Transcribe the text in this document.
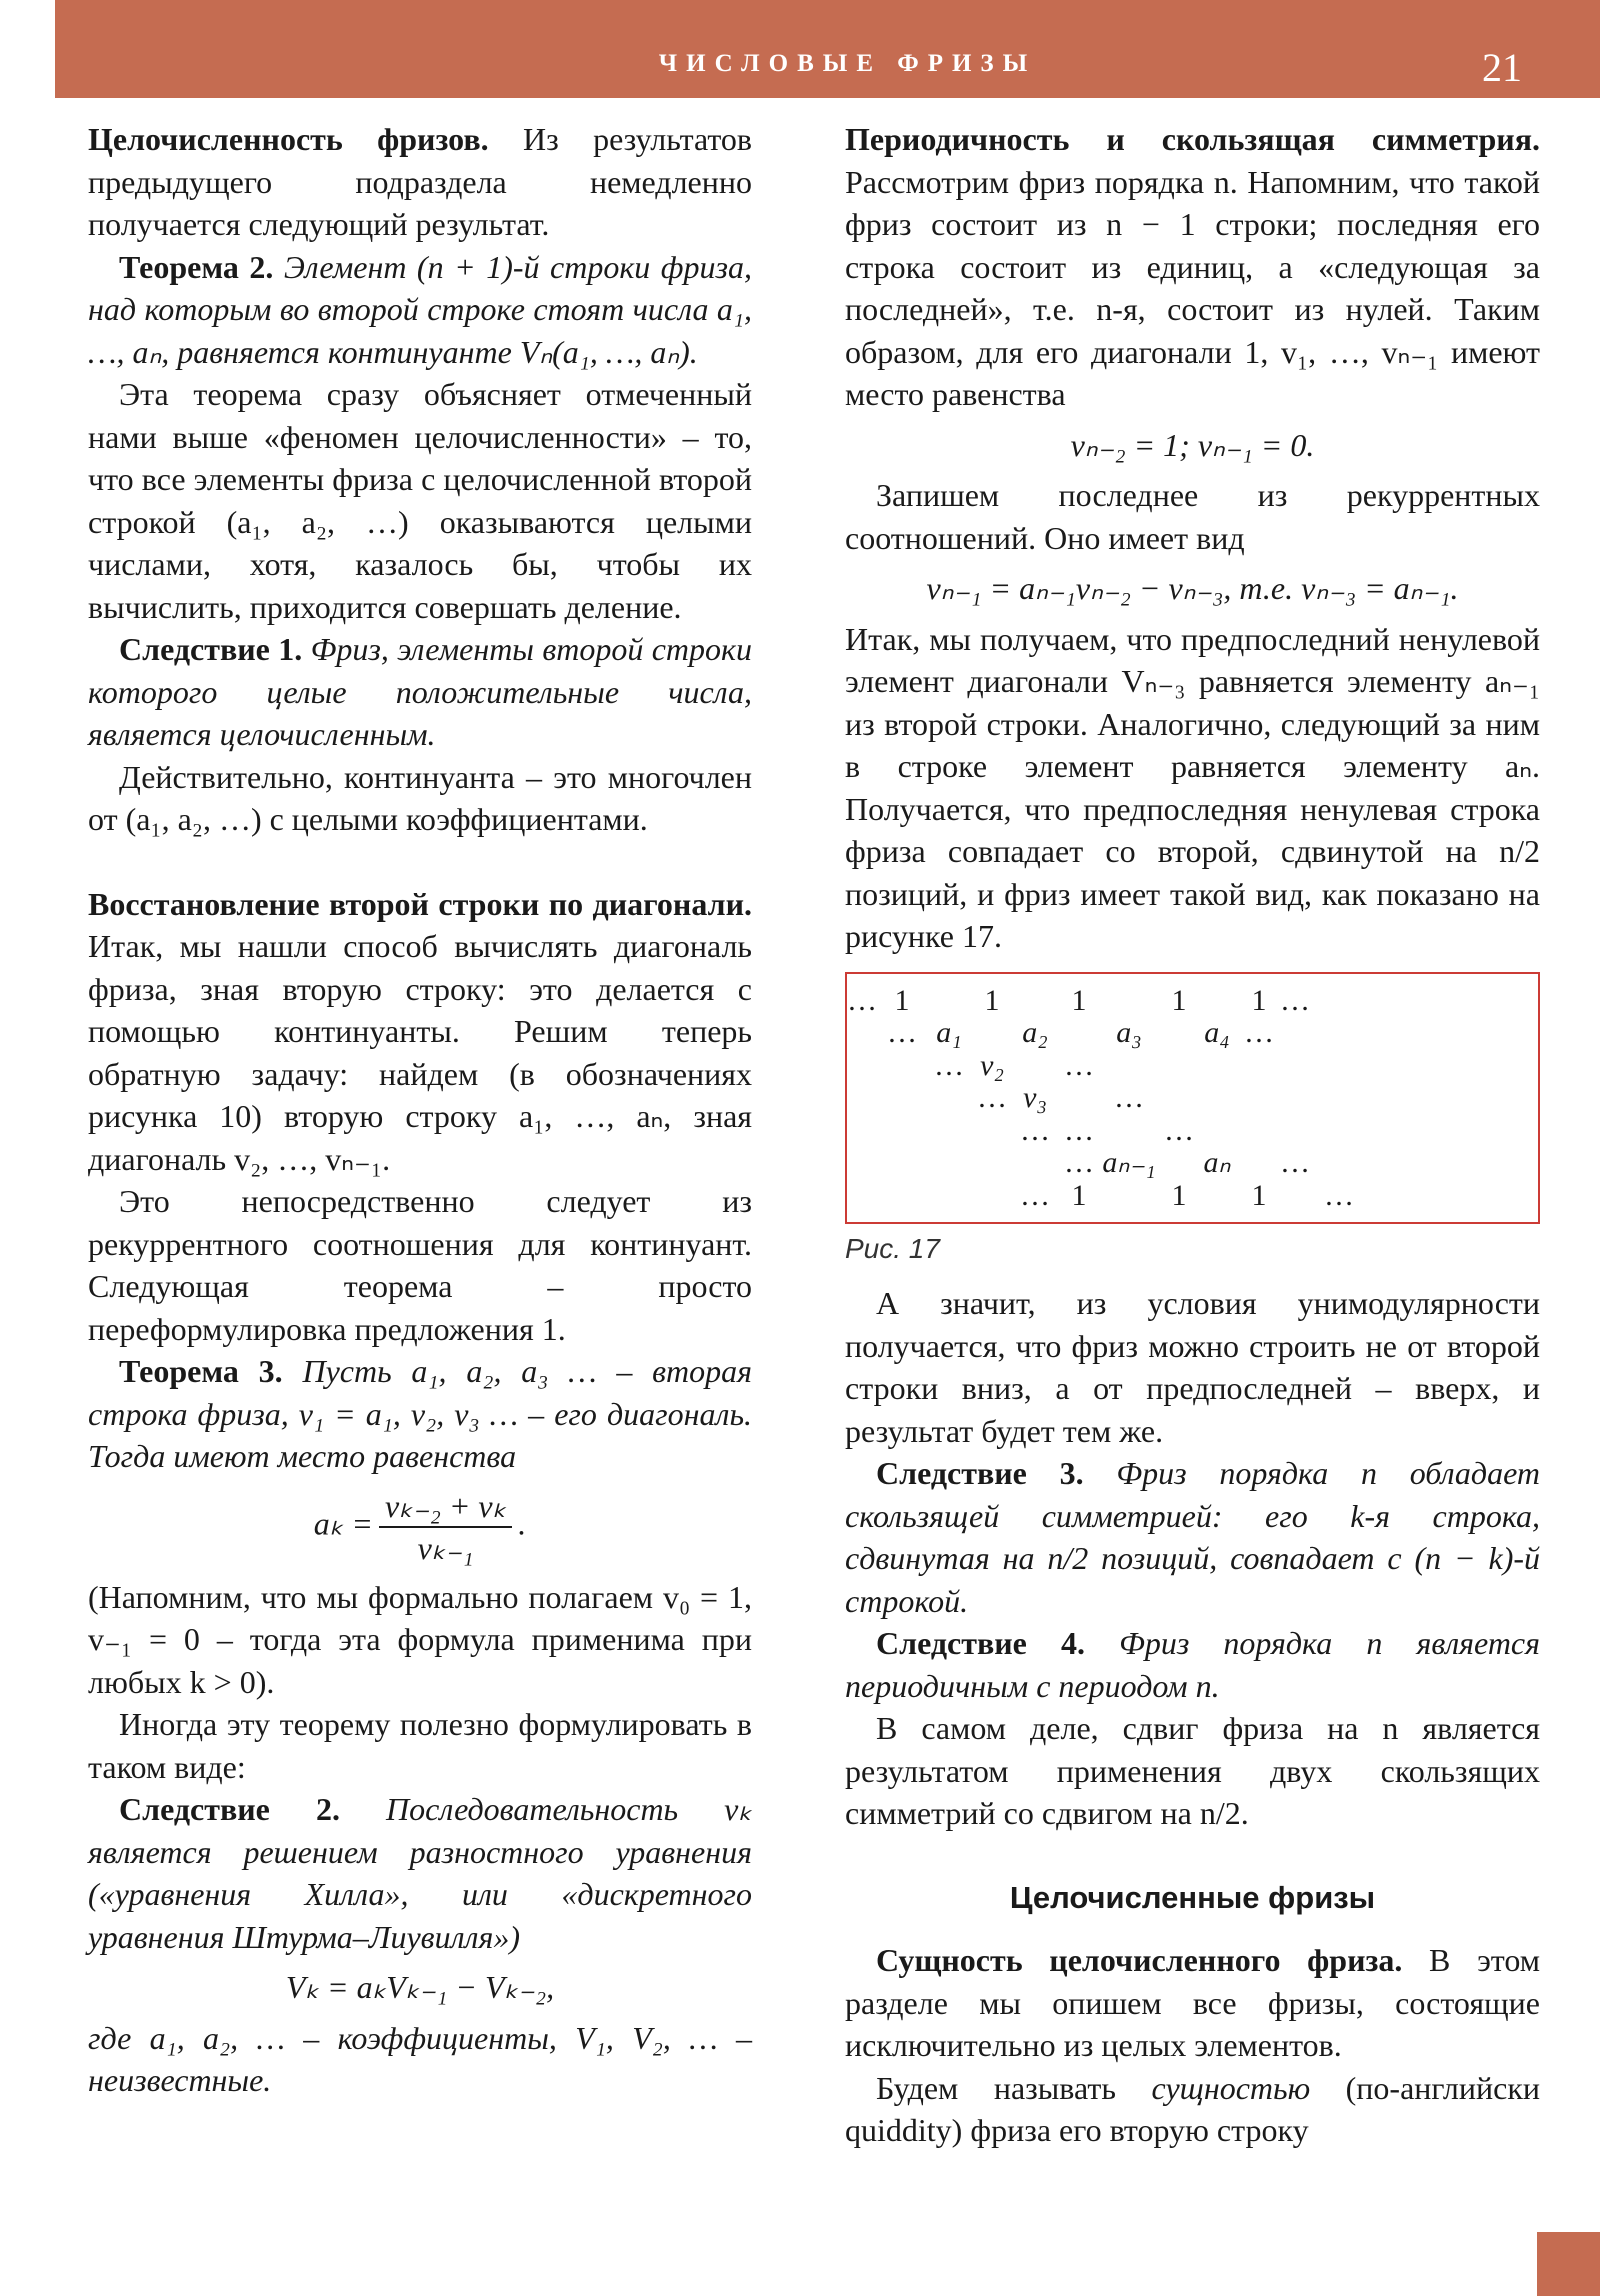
ЧИСЛОВЫЕ ФРИЗЫ	21

Целочисленность фризов. Из результатов предыдущего подраздела немедленно получается следующий результат.

Теорема 2. Элемент (n + 1)-й строки фриза, над которым во второй строке стоят числа a₁, …, aₙ, равняется континуанте Vₙ(a₁, …, aₙ).

Эта теорема сразу объясняет отмеченный нами выше «феномен целочисленности» – то, что все элементы фриза с целочисленной второй строкой (a₁, a₂, …) оказываются целыми числами, хотя, казалось бы, чтобы их вычислить, приходится совершать деление.

Следствие 1. Фриз, элементы второй строки которого целые положительные числа, является целочисленным.

Действительно, континуанта – это многочлен от (a₁, a₂, …) с целыми коэффициентами.

Восстановление второй строки по диагонали. Итак, мы нашли способ вычислять диагональ фриза, зная вторую строку: это делается с помощью континуанты. Решим теперь обратную задачу: найдем (в обозначениях рисунка 10) вторую строку a₁, …, aₙ, зная диагональ v₂, …, vₙ₋₁.

Это непосредственно следует из рекуррентного соотношения для континуант. Следующая теорема – просто переформулировка предложения 1.

Теорема 3. Пусть a₁, a₂, a₃ … – вторая строка фриза, v₁ = a₁, v₂, v₃ … – его диагональ. Тогда имеют место равенства

$a_k = \frac{\text{vₖ₋₂ + vₖ}}{\text{vₖ₋₁}}$ .

(Напомним, что мы формально полагаем v₀ = 1, v₋₁ = 0 – тогда эта формула применима при любых k > 0).

Иногда эту теорему полезно формулировать в таком виде:

Следствие 2. Последовательность vₖ является решением разностного уравнения («уравнения Хилла», или «дискретного уравнения Штурма–Лиувилля»)

Vₖ = aₖVₖ₋₁ − Vₖ₋₂,

где a₁, a₂, … – коэффициенты, V₁, V₂, … – неизвестные.

Периодичность и скользящая симметрия. Рассмотрим фриз порядка n. Напомним, что такой фриз состоит из n − 1 строки; последняя его строка состоит из единиц, а «следующая за последней», т.е. n-я, состоит из нулей. Таким образом, для его диагонали 1, v₁, …, vₙ₋₁ имеют место равенства

vₙ₋₂ = 1; vₙ₋₁ = 0.

Запишем последнее из рекуррентных соотношений. Оно имеет вид

vₙ₋₁ = aₙ₋₁vₙ₋₂ − vₙ₋₃, т.е. vₙ₋₃ = aₙ₋₁.

Итак, мы получаем, что предпоследний ненулевой элемент диагонали Vₙ₋₃ равняется элементу aₙ₋₁ из второй строки. Аналогично, следующий за ним в строке элемент равняется элементу aₙ. Получается, что предпоследняя ненулевая строка фриза совпадает со второй, сдвинутой на n/2 позиций, и фриз имеет такой вид, как показано на рисунке 17.

… 1	1 1	1 1 …
… a₁ a₂ a₃ a₄ …
… v₂ …
… v₃ …
… … …
… aₙ₋₁ aₙ …
… 1	1 1 …
Рис. 17

А значит, из условия унимодулярности получается, что фриз можно строить не от второй строки вниз, а от предпоследней – вверх, и результат будет тем же.

Следствие 3. Фриз порядка n обладает скользящей симметрией: его k-я строка, сдвинутая на n/2 позиций, совпадает с (n − k)-й строкой.

Следствие 4. Фриз порядка n является периодичным с периодом n.

В самом деле, сдвиг фриза на n является результатом применения двух скользящих симметрий со сдвигом на n/2.

Целочисленные фризы

Сущность целочисленного фриза. В этом разделе мы опишем все фризы, состоящие исключительно из целых элементов.

Будем называть сущностью (по-английски quiddity) фриза его вторую строку
